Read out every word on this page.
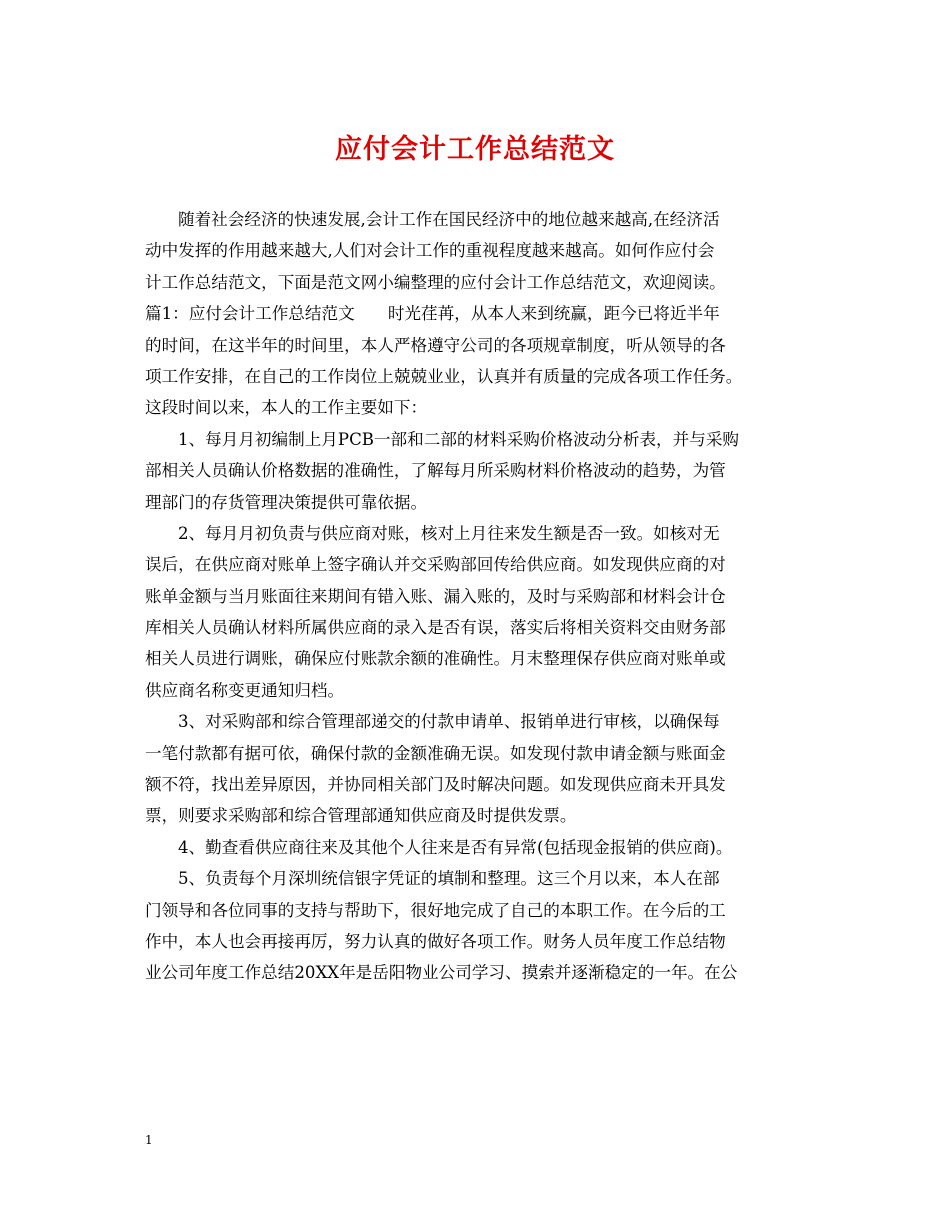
应付会计工作总结范文
随着社会经济的快速发展,会计工作在国民经济中的地位越来越高,在经济活
动中发挥的作用越来越大,人们对会计工作的重视程度越来越高。如何作应付会
计工作总结范文，下面是范文网小编整理的应付会计工作总结范文，欢迎阅读。
篇1：应付会计工作总结范文　　时光荏苒，从本人来到统赢，距今已将近半年
的时间，在这半年的时间里，本人严格遵守公司的各项规章制度，听从领导的各
项工作安排，在自己的工作岗位上兢兢业业，认真并有质量的完成各项工作任务。
这段时间以来，本人的工作主要如下：
1、每月月初编制上月PCB一部和二部的材料采购价格波动分析表，并与采购
部相关人员确认价格数据的准确性，了解每月所采购材料价格波动的趋势，为管
理部门的存货管理决策提供可靠依据。
2、每月月初负责与供应商对账，核对上月往来发生额是否一致。如核对无
误后，在供应商对账单上签字确认并交采购部回传给供应商。如发现供应商的对
账单金额与当月账面往来期间有错入账、漏入账的，及时与采购部和材料会计仓
库相关人员确认材料所属供应商的录入是否有误，落实后将相关资料交由财务部
相关人员进行调账，确保应付账款余额的准确性。月末整理保存供应商对账单或
供应商名称变更通知归档。
3、对采购部和综合管理部递交的付款申请单、报销单进行审核，以确保每
一笔付款都有据可依，确保付款的金额准确无误。如发现付款申请金额与账面金
额不符，找出差异原因，并协同相关部门及时解决问题。如发现供应商未开具发
票，则要求采购部和综合管理部通知供应商及时提供发票。
4、勤查看供应商往来及其他个人往来是否有异常(包括现金报销的供应商)。
5、负责每个月深圳统信银字凭证的填制和整理。这三个月以来，本人在部
门领导和各位同事的支持与帮助下，很好地完成了自己的本职工作。在今后的工
作中，本人也会再接再厉，努力认真的做好各项工作。财务人员年度工作总结物
业公司年度工作总结20XX年是岳阳物业公司学习、摸索并逐渐稳定的一年。在公
1
